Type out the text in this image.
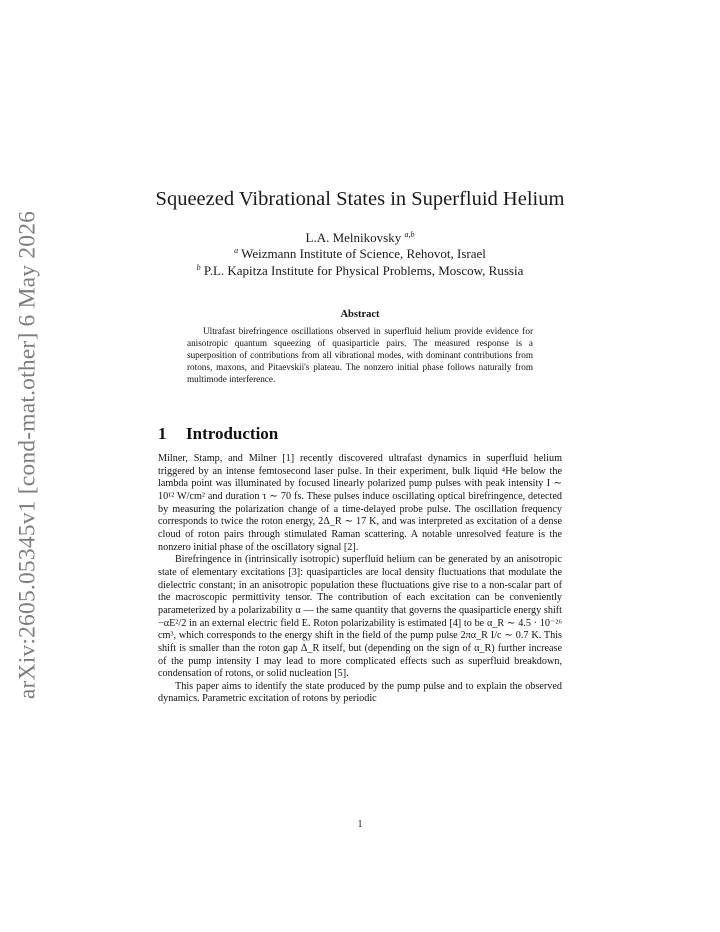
arXiv:2605.05345v1 [cond-mat.other] 6 May 2026
Squeezed Vibrational States in Superfluid Helium
L.A. Melnikovsky $^{a,b}$
$^a$ Weizmann Institute of Science, Rehovot, Israel
$^b$ P.L. Kapitza Institute for Physical Problems, Moscow, Russia
Abstract
Ultrafast birefringence oscillations observed in superfluid helium provide evidence for anisotropic quantum squeezing of quasiparticle pairs. The measured response is a superposition of contributions from all vibrational modes, with dominant contributions from rotons, maxons, and Pitaevskii's plateau. The nonzero initial phase follows naturally from multimode interference.
1 Introduction

Milner, Stamp, and Milner [1] recently discovered ultrafast dynamics in superfluid helium triggered by an intense femtosecond laser pulse. In their experiment, bulk liquid ⁴He below the lambda point was illuminated by focused linearly polarized pump pulses with peak intensity I ∼ 10¹² W/cm² and duration τ ∼ 70 fs. These pulses induce oscillating optical birefringence, detected by measuring the polarization change of a time-delayed probe pulse. The oscillation frequency corresponds to twice the roton energy, 2Δ_R ∼ 17 K, and was interpreted as excitation of a dense cloud of roton pairs through stimulated Raman scattering. A notable unresolved feature is the nonzero initial phase of the oscillatory signal [2].

Birefringence in (intrinsically isotropic) superfluid helium can be generated by an anisotropic state of elementary excitations [3]: quasiparticles are local density fluctuations that modulate the dielectric constant; in an anisotropic population these fluctuations give rise to a non-scalar part of the macroscopic permittivity tensor. The contribution of each excitation can be conveniently parameterized by a polarizability α — the same quantity that governs the quasiparticle energy shift −αE²/2 in an external electric field E. Roton polarizability is estimated [4] to be α_R ∼ 4.5 · 10⁻²⁶ cm³, which corresponds to the energy shift in the field of the pump pulse 2πα_R I/c ∼ 0.7 K. This shift is smaller than the roton gap Δ_R itself, but (depending on the sign of α_R) further increase of the pump intensity I may lead to more complicated effects such as superfluid breakdown, condensation of rotons, or solid nucleation [5].

This paper aims to identify the state produced by the pump pulse and to explain the observed dynamics. Parametric excitation of rotons by periodic

1
